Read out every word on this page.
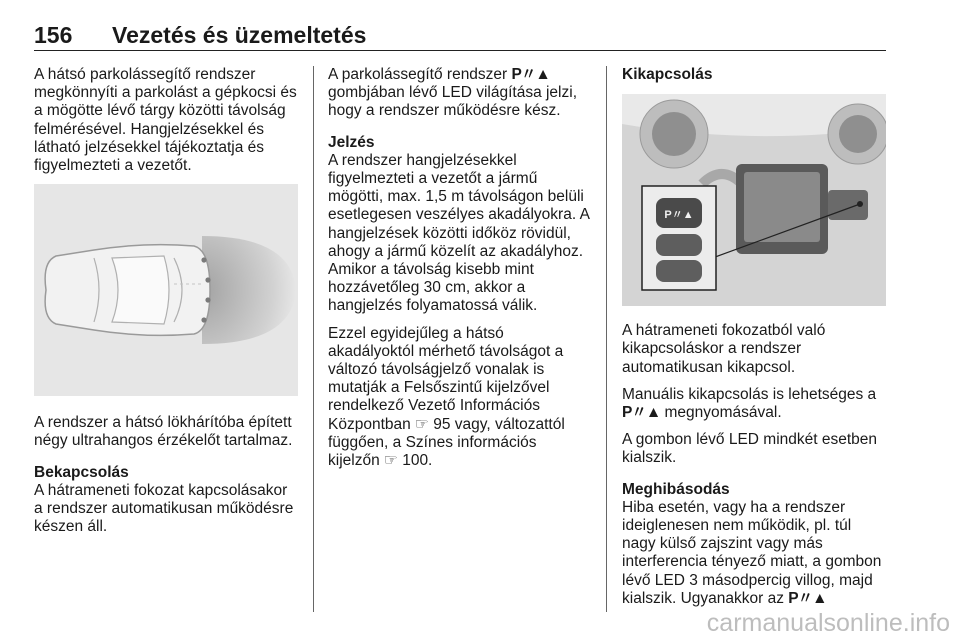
156 Vezetés és üzemeltetés

A hátsó parkolássegítő rendszer megkönnyíti a parkolást a gépkocsi és a mögötte lévő tárgy közötti távolság felmérésével. Hangjelzésekkel és látható jelzésekkel tájékoztatja és figyelmezteti a vezetőt.

A rendszer a hátsó lökhárítóba épített négy ultrahangos érzékelőt tartalmaz.

Bekapcsolás

A hátrameneti fokozat kapcsolásakor a rendszer automatikusan működésre készen áll.

A parkolássegítő rendszer P〃▲ gombjában lévő LED világítása jelzi, hogy a rendszer működésre kész.

Jelzés

A rendszer hangjelzésekkel figyelmezteti a vezetőt a jármű mögötti, max. 1,5 m távolságon belüli esetlegesen veszélyes akadályokra. A hangjelzések közötti időköz rövidül, ahogy a jármű közelít az akadályhoz. Amikor a távolság kisebb mint hozzávetőleg 30 cm, akkor a hangjelzés folyamatossá válik.

Ezzel egyidejűleg a hátsó akadályoktól mérhető távolságot a változó távolságjelző vonalak is mutatják a Felsőszintű kijelzővel rendelkező Vezető Információs Központban ☞ 95 vagy, változattól függően, a Színes információs kijelzőn ☞ 100.

Kikapcsolás
P〃▲

A hátrameneti fokozatból való kikapcsoláskor a rendszer automatikusan kikapcsol.

Manuális kikapcsolás is lehetséges a P〃▲ megnyomásával.

A gombon lévő LED mindkét esetben kialszik.

Meghibásodás

Hiba esetén, vagy ha a rendszer ideiglenesen nem működik, pl. túl nagy külső zajszint vagy más interferencia tényező miatt, a gombon lévő LED 3 másodpercig villog, majd kialszik. Ugyanakkor az P〃▲

carmanualsonline.info
